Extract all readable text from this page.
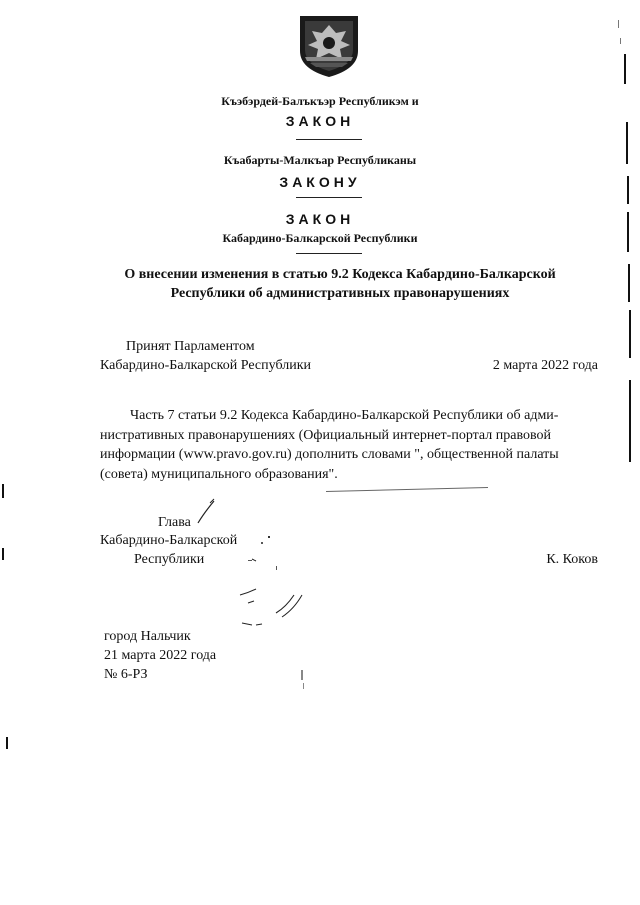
Къэбэрдей-Балъкъэр Республикэм и
ЗАКОН
Къабарты-Малкъар Республиканы
ЗАКОНУ
ЗАКОН
Кабардино-Балкарской Республики
О внесении изменения в статью 9.2 Кодекса Кабардино-Балкарской
Республики об административных правонарушениях
Принят Парламентом
Кабардино-Балкарской Республики	2 марта 2022 года
Часть 7 статьи 9.2 Кодекса Кабардино-Балкарской Республики об адми-
нистративных правонарушениях (Официальный интернет-портал правовой
информации (www.pravo.gov.ru) дополнить словами ", общественной палаты
(совета) муниципального образования".
Глава
Кабардино-Балкарской
Республики	К. Коков
город Нальчик
21 марта 2022 года
№ 6-РЗ
